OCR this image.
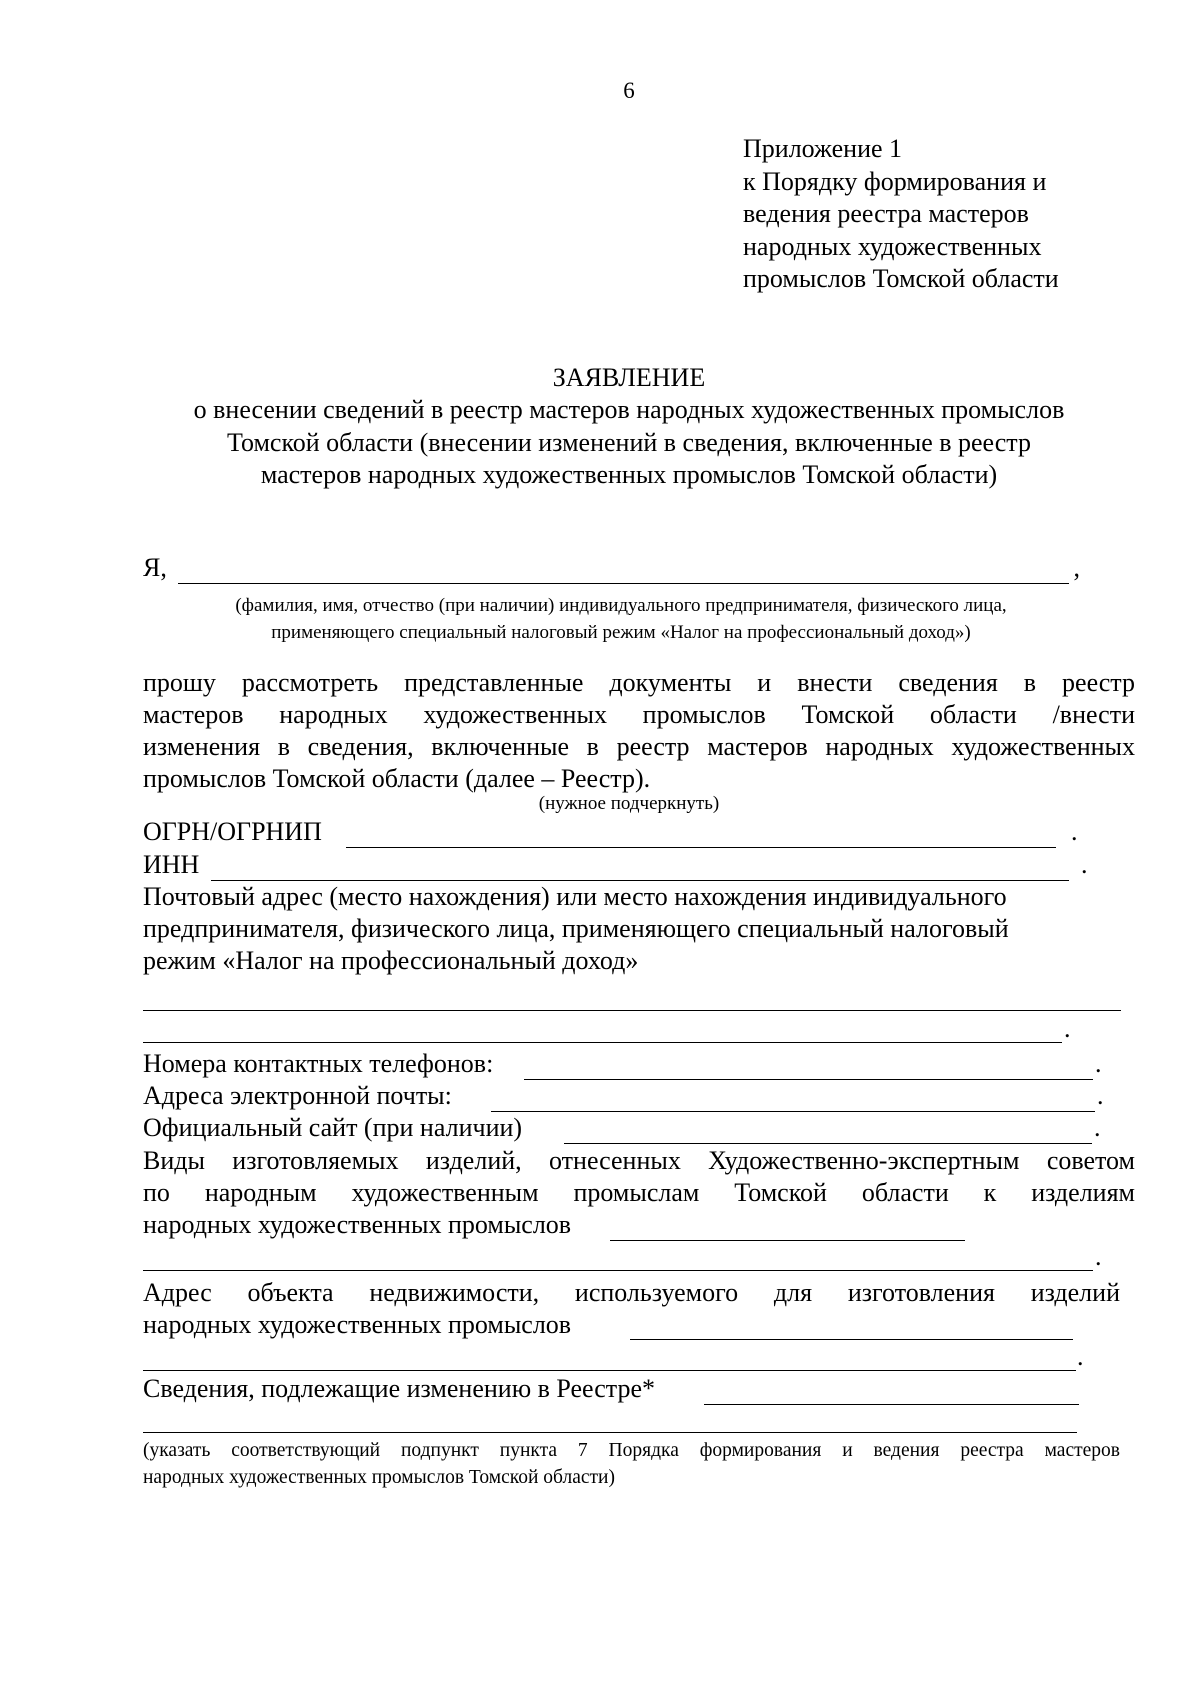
6
Приложение 1
к Порядку формирования и
ведения реестра мастеров
народных художественных
промыслов Томской области
ЗАЯВЛЕНИЕ
о внесении сведений в реестр мастеров народных художественных промыслов
Томской области (внесении изменений в сведения, включенные в реестр
мастеров народных художественных промыслов Томской области)
Я,	,
(фамилия, имя, отчество (при наличии) индивидуального предпринимателя, физического лица,
применяющего специальный налоговый режим «Налог на профессиональный доход»)
прошу рассмотреть представленные документы и внести сведения в реестр
мастеров народных художественных промыслов Томской области /внести
изменения в сведения, включенные в реестр мастеров народных художественных
промыслов Томской области (далее – Реестр).
(нужное подчеркнуть)
ОГРН/ОГРНИП	.
ИНН	.
Почтовый адрес (место нахождения) или место нахождения индивидуального
предпринимателя, физического лица, применяющего специальный налоговый
режим «Налог на профессиональный доход»
.
Номера контактных телефонов:	.
Адреса электронной почты:	.
Официальный сайт (при наличии)	.
Виды изготовляемых изделий, отнесенных Художественно-экспертным советом
по народным художественным промыслам Томской области к изделиям
народных художественных промыслов
.
Адрес объекта недвижимости, используемого для изготовления изделий
народных художественных промыслов
.
Сведения, подлежащие изменению в Реестре*
(указать соответствующий подпункт пункта 7 Порядка формирования и ведения реестра мастеров
народных художественных промыслов Томской области)
